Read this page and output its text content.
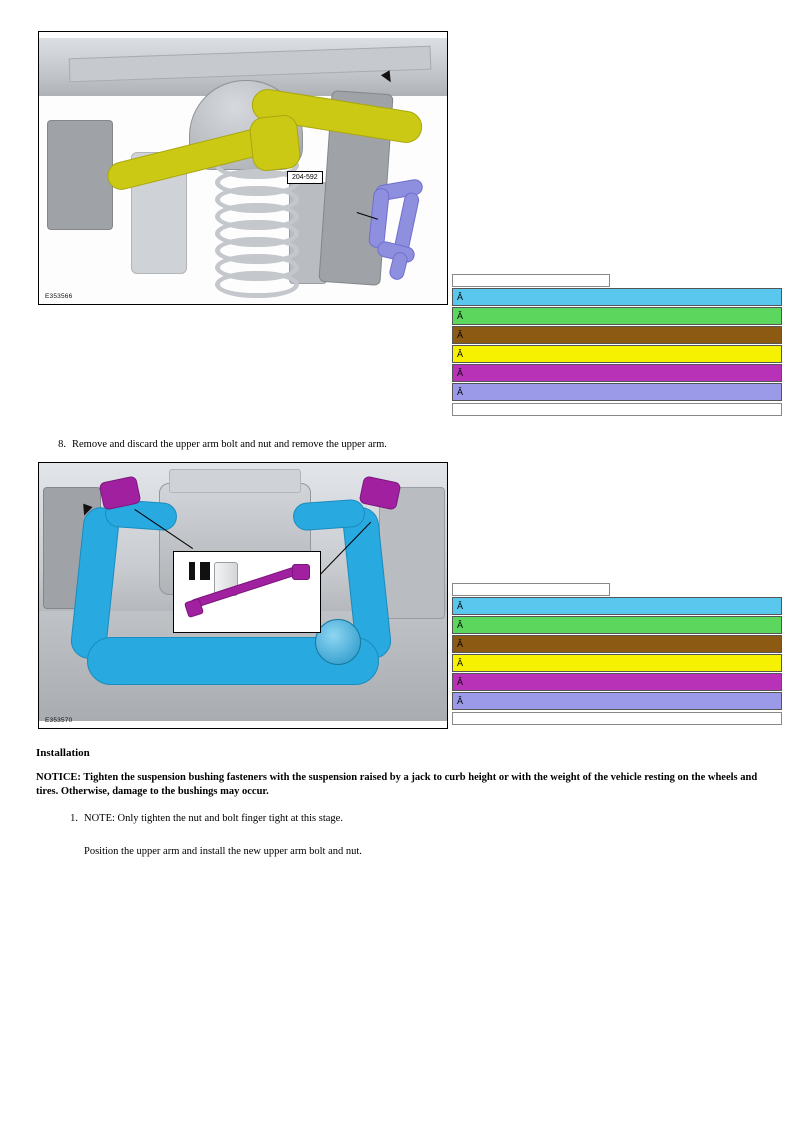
204-592
E353566	Â
Â
Â
Â
Â
Â
8. Remove and discard the upper arm bolt and nut and remove the upper arm.
E353570
Â
Â
Â
Â
Â
Â
Installation
NOTICE: Tighten the suspension bushing fasteners with the suspension raised by a jack to curb height or with the weight of the vehicle resting on the wheels and tires. Otherwise, damage to the bushings may occur.
1. NOTE: Only tighten the nut and bolt finger tight at this stage.
Position the upper arm and install the new upper arm bolt and nut.
